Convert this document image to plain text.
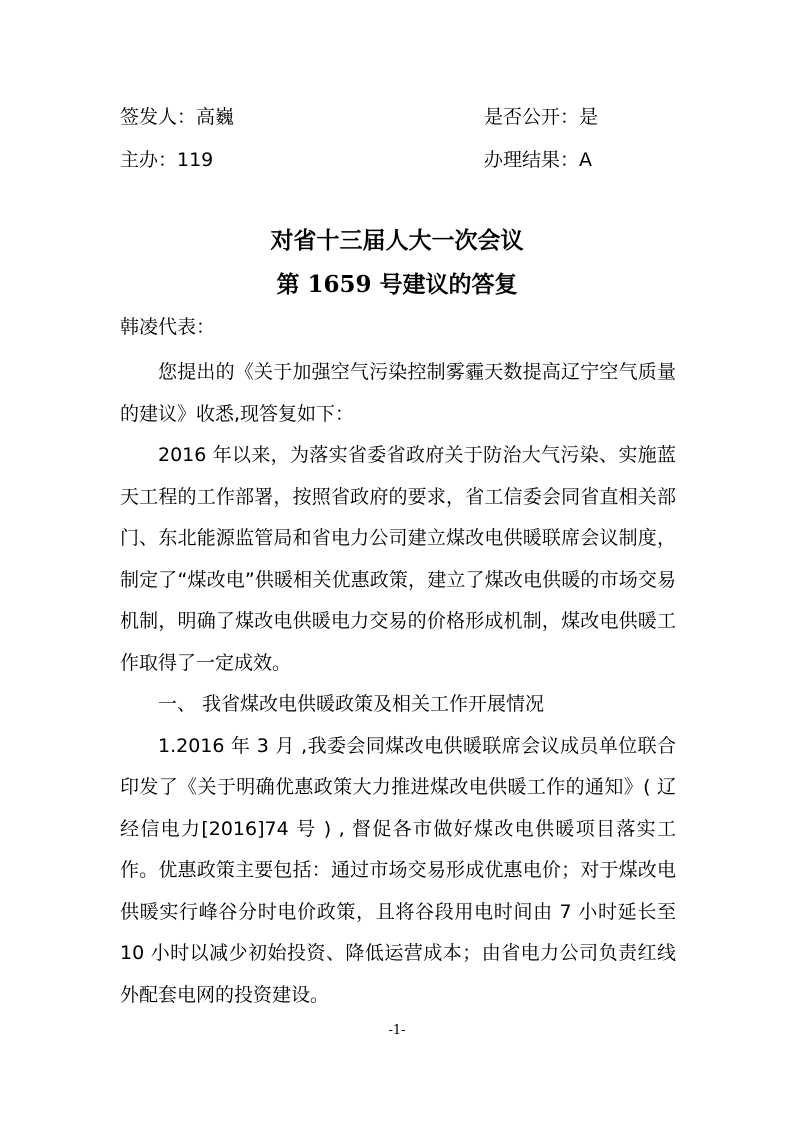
签发人：高巍	是否公开：是
主办：119	办理结果：A
对省十三届人大一次会议
第 1659 号建议的答复
韩凌代表：

您提出的《关于加强空气污染控制雾霾天数提高辽宁空气质量的建议》收悉,现答复如下：

2016 年以来，为落实省委省政府关于防治大气污染、实施蓝天工程的工作部署，按照省政府的要求，省工信委会同省直相关部门、东北能源监管局和省电力公司建立煤改电供暖联席会议制度，制定了“煤改电”供暖相关优惠政策，建立了煤改电供暖的市场交易机制，明确了煤改电供暖电力交易的价格形成机制，煤改电供暖工作取得了一定成效。

一、 我省煤改电供暖政策及相关工作开展情况

1.2016 年 3 月 ,我委会同煤改电供暖联席会议成员单位联合印发了《关于明确优惠政策大力推进煤改电供暖工作的通知》( 辽经信电力[2016]74 号 ) , 督促各市做好煤改电供暖项目落实工作。优惠政策主要包括：通过市场交易形成优惠电价；对于煤改电供暖实行峰谷分时电价政策，且将谷段用电时间由 7 小时延长至 10 小时以减少初始投资、降低运营成本；由省电力公司负责红线外配套电网的投资建设。

-1-
